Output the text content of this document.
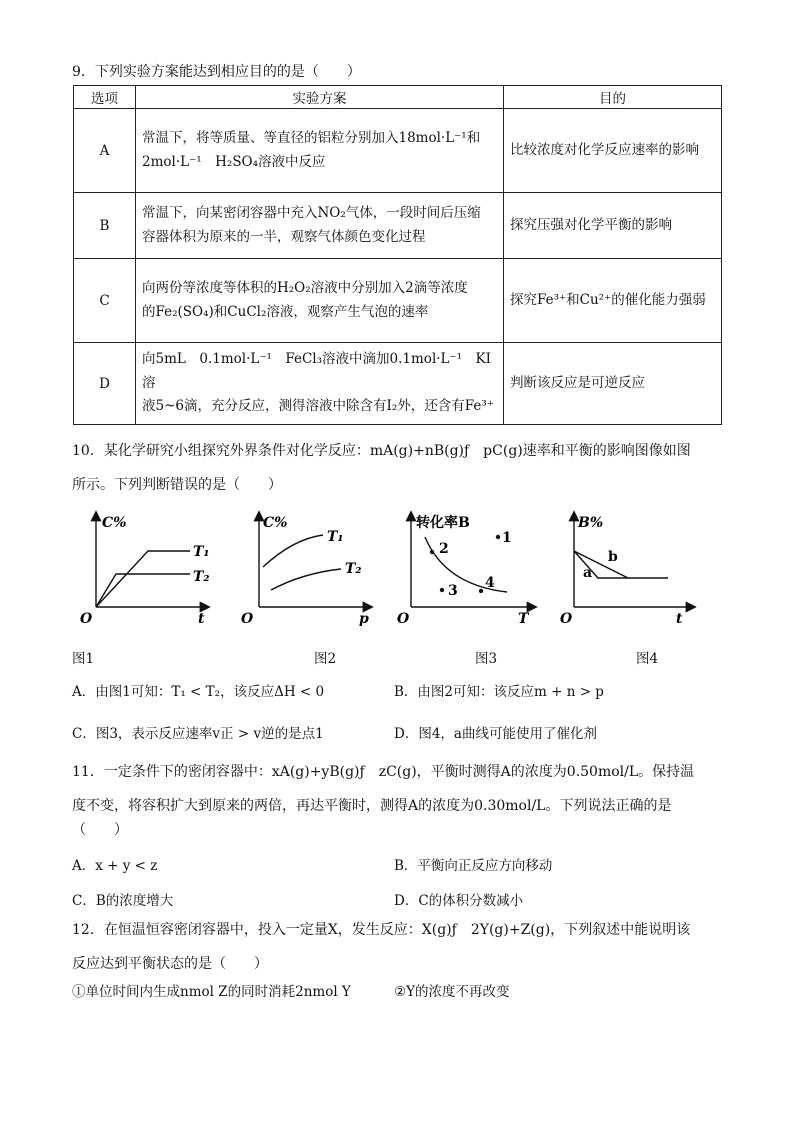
9．下列实验方案能达到相应目的的是（　　）
选项	实验方案	目的
A	常温下，将等质量、等直径的铝粒分别加入18mol·L⁻¹和
2mol·L⁻¹　H₂SO₄溶液中反应	比较浓度对化学反应速率的影响
B	常温下，向某密闭容器中充入NO₂气体，一段时间后压缩
容器体积为原来的一半，观察气体颜色变化过程	探究压强对化学平衡的影响
C	向两份等浓度等体积的H₂O₂溶液中分别加入2滴等浓度
的Fe₂(SO₄)和CuCl₂溶液，观察产生气泡的速率	探究Fe³⁺和Cu²⁺的催化能力强弱
D	向5mL　0.1mol·L⁻¹　FeCl₃溶液中滴加0.1mol·L⁻¹　KI溶
液5~6滴，充分反应，测得溶液中除含有I₂外，还含有Fe³⁺	判断该反应是可逆反应
10．某化学研究小组探究外界条件对化学反应：mA(g)+nB(g)ƒ　pC(g)速率和平衡的影响图像如图
所示。下列判断错误的是（　　）
C%
O	t
T₁
T₂
C%
O	p
T₁
T₂
转化率B
O	T
1
2
3 4
B%
O	t
a
b
图1	图2	图3	图4
A．由图1可知：T₁ < T₂，该反应ΔH < 0	B．由图2可知：该反应m + n > p
C．图3，表示反应速率v正 > v逆的是点1	D．图4，a曲线可能使用了催化剂
11．一定条件下的密闭容器中：xA(g)+yB(g)ƒ　zC(g)，平衡时测得A的浓度为0.50mol/L。保持温
度不变，将容积扩大到原来的两倍，再达平衡时，测得A的浓度为0.30mol/L。下列说法正确的是
（　　）
A．x + y < z	B．平衡向正反应方向移动
C．B的浓度增大	D．C的体积分数减小
12．在恒温恒容密闭容器中，投入一定量X，发生反应：X(g)ƒ　2Y(g)+Z(g)，下列叙述中能说明该
反应达到平衡状态的是（　　）
①单位时间内生成nmol Z的同时消耗2nmol Y	②Y的浓度不再改变
